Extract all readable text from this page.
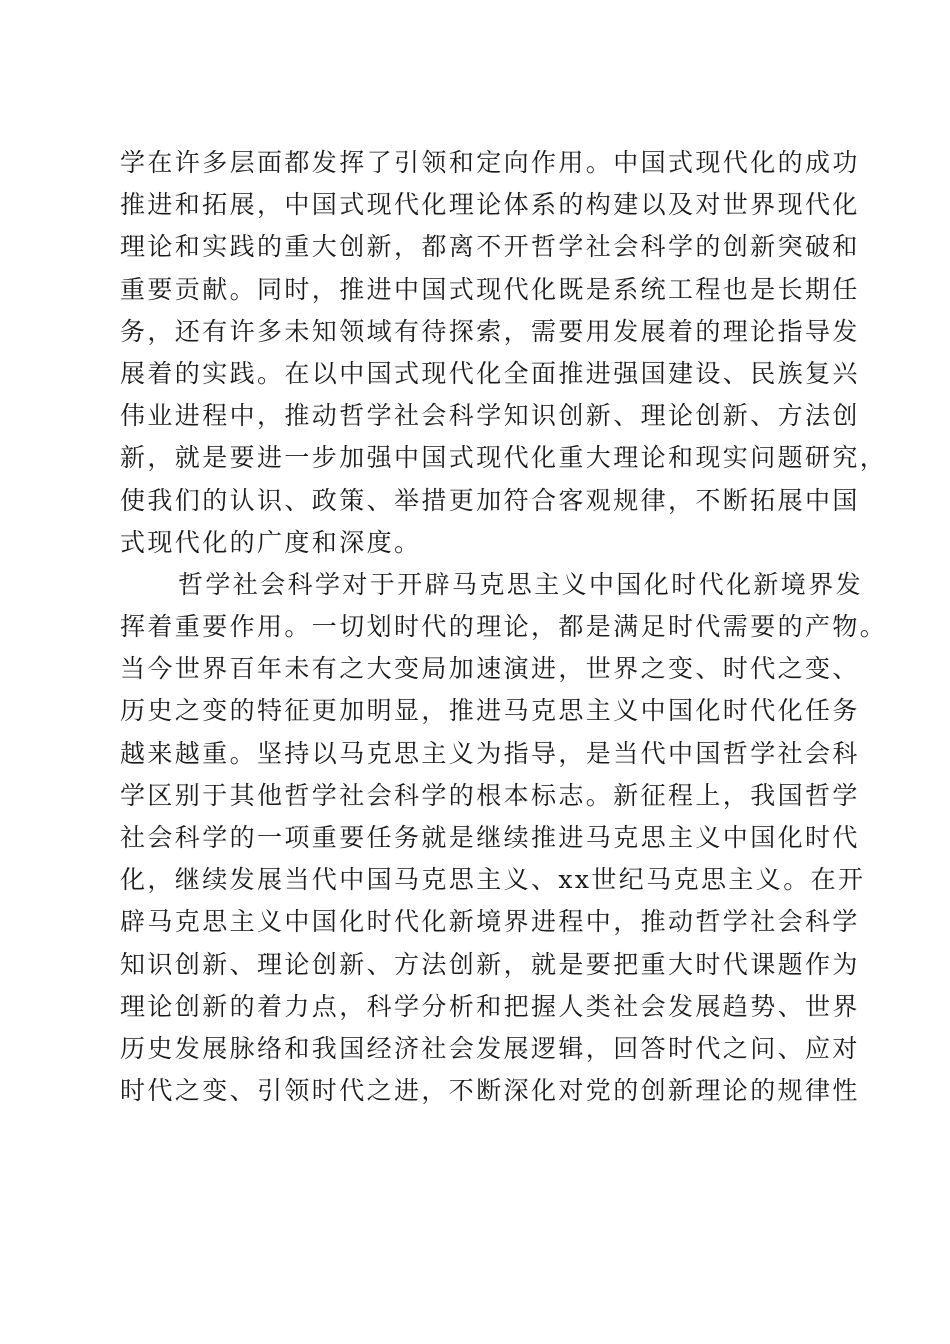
学在许多层面都发挥了引领和定向作用。中国式现代化的成功
推进和拓展，中国式现代化理论体系的构建以及对世界现代化
理论和实践的重大创新，都离不开哲学社会科学的创新突破和
重要贡献。同时，推进中国式现代化既是系统工程也是长期任
务，还有许多未知领域有待探索，需要用发展着的理论指导发
展着的实践。在以中国式现代化全面推进强国建设、民族复兴
伟业进程中，推动哲学社会科学知识创新、理论创新、方法创
新，就是要进一步加强中国式现代化重大理论和现实问题研究，
使我们的认识、政策、举措更加符合客观规律，不断拓展中国
式现代化的广度和深度。
哲学社会科学对于开辟马克思主义中国化时代化新境界发
挥着重要作用。一切划时代的理论，都是满足时代需要的产物。
当今世界百年未有之大变局加速演进，世界之变、时代之变、
历史之变的特征更加明显，推进马克思主义中国化时代化任务
越来越重。坚持以马克思主义为指导，是当代中国哲学社会科
学区别于其他哲学社会科学的根本标志。新征程上，我国哲学
社会科学的一项重要任务就是继续推进马克思主义中国化时代
化，继续发展当代中国马克思主义、xx世纪马克思主义。在开
辟马克思主义中国化时代化新境界进程中，推动哲学社会科学
知识创新、理论创新、方法创新，就是要把重大时代课题作为
理论创新的着力点，科学分析和把握人类社会发展趋势、世界
历史发展脉络和我国经济社会发展逻辑，回答时代之问、应对
时代之变、引领时代之进，不断深化对党的创新理论的规律性
